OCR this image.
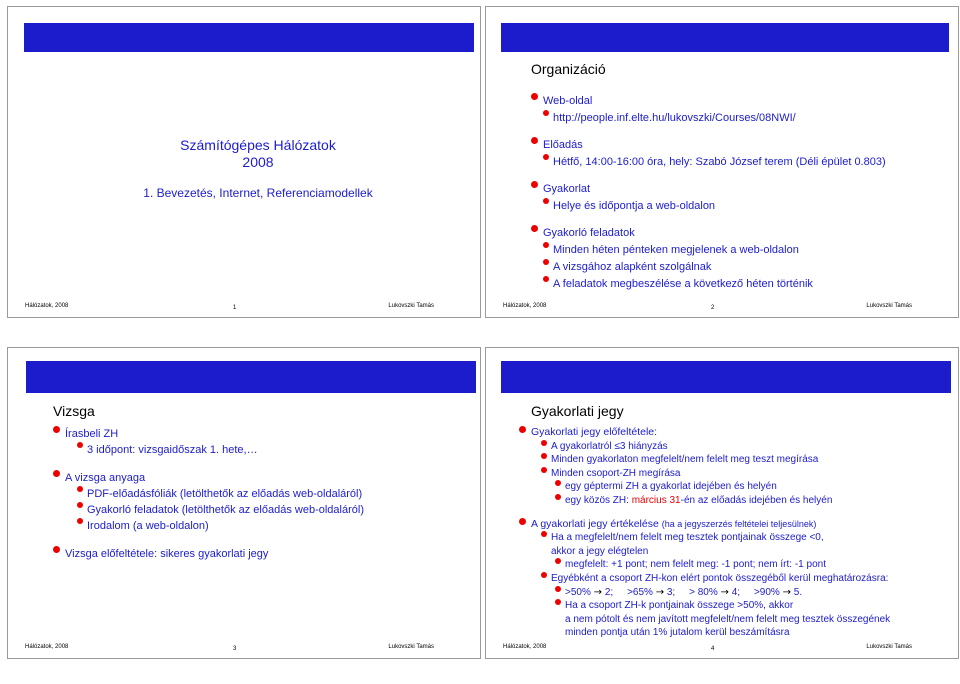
Számítógépes Hálózatok
2008
1. Bevezetés, Internet, Referenciamodellek
Hálózatok, 2008	1	Lukovszki Tamás
Organizáció
Web-oldal
http://people.inf.elte.hu/lukovszki/Courses/08NWI/
Előadás
Hétfő, 14:00-16:00 óra, hely: Szabó József terem (Déli épület 0.803)
Gyakorlat
Helye és időpontja a web-oldalon
Gyakorló feladatok
Minden héten pénteken megjelenek a web-oldalon
A vizsgához alapként szolgálnak
A feladatok megbeszélése a következő héten történik
Hálózatok, 2008	2	Lukovszki Tamás
Vizsga
Írasbeli ZH
3 időpont: vizsgaidőszak 1. hete,…
A vizsga anyaga
PDF-előadásfóliák (letölthetők az előadás web-oldaláról)
Gyakorló feladatok (letölthetők az előadás web-oldaláról)
Irodalom (a web-oldalon)
Vizsga előfeltétele: sikeres gyakorlati jegy
Hálózatok, 2008	3	Lukovszki Tamás
Gyakorlati jegy
Gyakorlati jegy előfeltétele:
A gyakorlatról ≤3 hiányzás
Minden gyakorlaton megfelelt/nem felelt meg teszt megírása
Minden csoport-ZH megírása
egy géptermi ZH a gyakorlat idejében és helyén
egy közös ZH: március 31-én az előadás idejében és helyén
A gyakorlati jegy értékelése (ha a jegyszerzés feltételei teljesülnek)
Ha a megfelelt/nem felelt meg tesztek pontjainak összege <0,
akkor a jegy elégtelen
megfelelt: +1 pont; nem felelt meg: -1 pont; nem írt: -1 pont
Egyébként a csoport ZH-kon elért pontok összegéből kerül meghatározásra:
>50% → 2; >65% → 3; > 80% → 4; >90% → 5.
Ha a csoport ZH-k pontjainak összege >50%, akkor
a nem pótolt és nem javított megfelelt/nem felelt meg tesztek összegének
minden pontja után 1% jutalom kerül beszámításra
Hálózatok, 2008	4	Lukovszki Tamás
